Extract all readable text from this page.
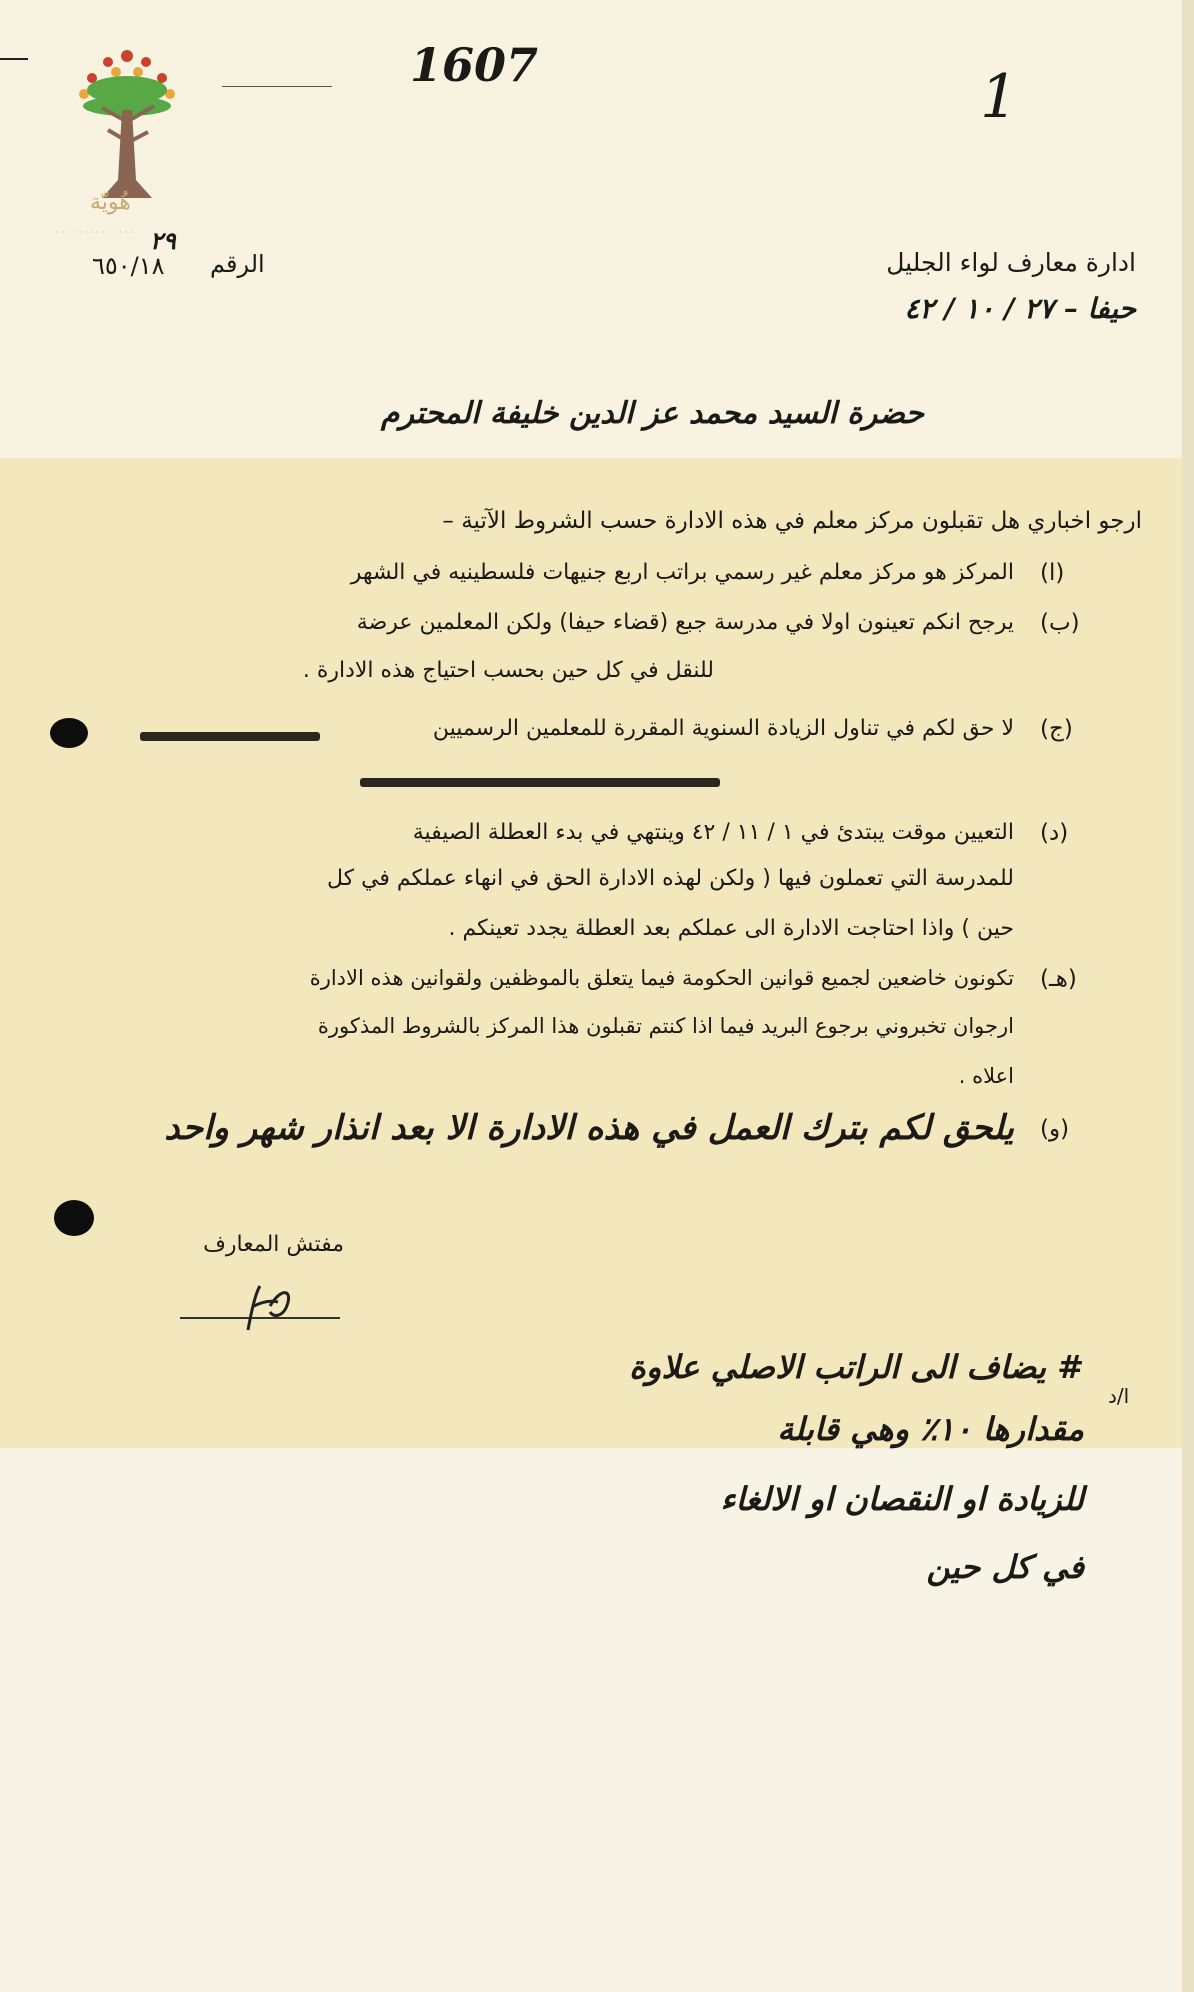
هُويّة
· · · · · · · · · · · · · ·
1607	1
الرقم
٦٥٠/١٨
٢٩
ادارة معارف لواء الجليل
حيفا – ٢٧ / ١٠ / ٤٢
حضرة السيد محمد عز الدين خليفة المحترم
ارجو اخباري هل تقبلون مركز معلم في هذه الادارة حسب الشروط الآتية –
(ا)
المركز هو مركز معلم غير رسمي براتب اربع جنيهات فلسطينيه في الشهر
(ب)
يرجح انكم تعينون اولا في مدرسة جبع (قضاء حيفا) ولكن المعلمين عرضة
للنقل في كل حين بحسب احتياج هذه الادارة .
(ج)
لا حق لكم في تناول الزيادة السنوية المقررة للمعلمين الرسميين
(د)
التعيين موقت يبتدئ في ١ / ١١ / ٤٢ وينتهي في بدء العطلة الصيفية
للمدرسة التي تعملون فيها ( ولكن لهذه الادارة الحق في انهاء عملكم في كل
حين ) واذا احتاجت الادارة الى عملكم بعد العطلة يجدد تعينكم .
(هـ)
تكونون خاضعين لجميع قوانين الحكومة فيما يتعلق بالموظفين ولقوانين هذه الادارة
ارجوان تخبروني برجوع البريد فيما اذا كنتم تقبلون هذا المركز بالشروط المذكورة
اعلاه .
(و)
يلحق لكم بترك العمل في هذه الادارة الا بعد انذار شهر واحد
مفتش المعارف
ا/د
# يضاف الى الراتب الاصلي علاوة
مقدارها ١٠٪ وهي قابلة
للزيادة او النقصان او الالغاء
في كل حين
